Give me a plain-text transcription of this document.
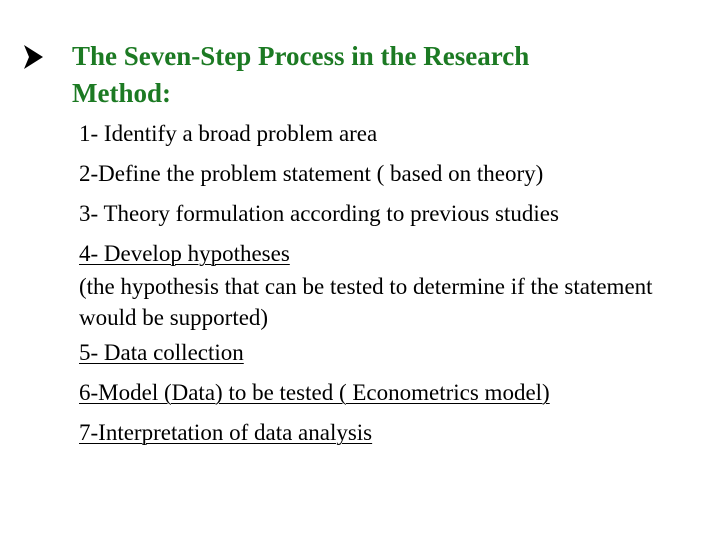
The Seven-Step Process in the Research
Method:
1- Identify a broad problem area
2-Define the problem statement ( based on theory)
3- Theory formulation according to previous studies
4- Develop hypotheses
(the hypothesis that can be tested to determine if the statement would be supported)
5- Data collection
6-Model (Data) to be tested ( Econometrics model)
7-Interpretation of data analysis
